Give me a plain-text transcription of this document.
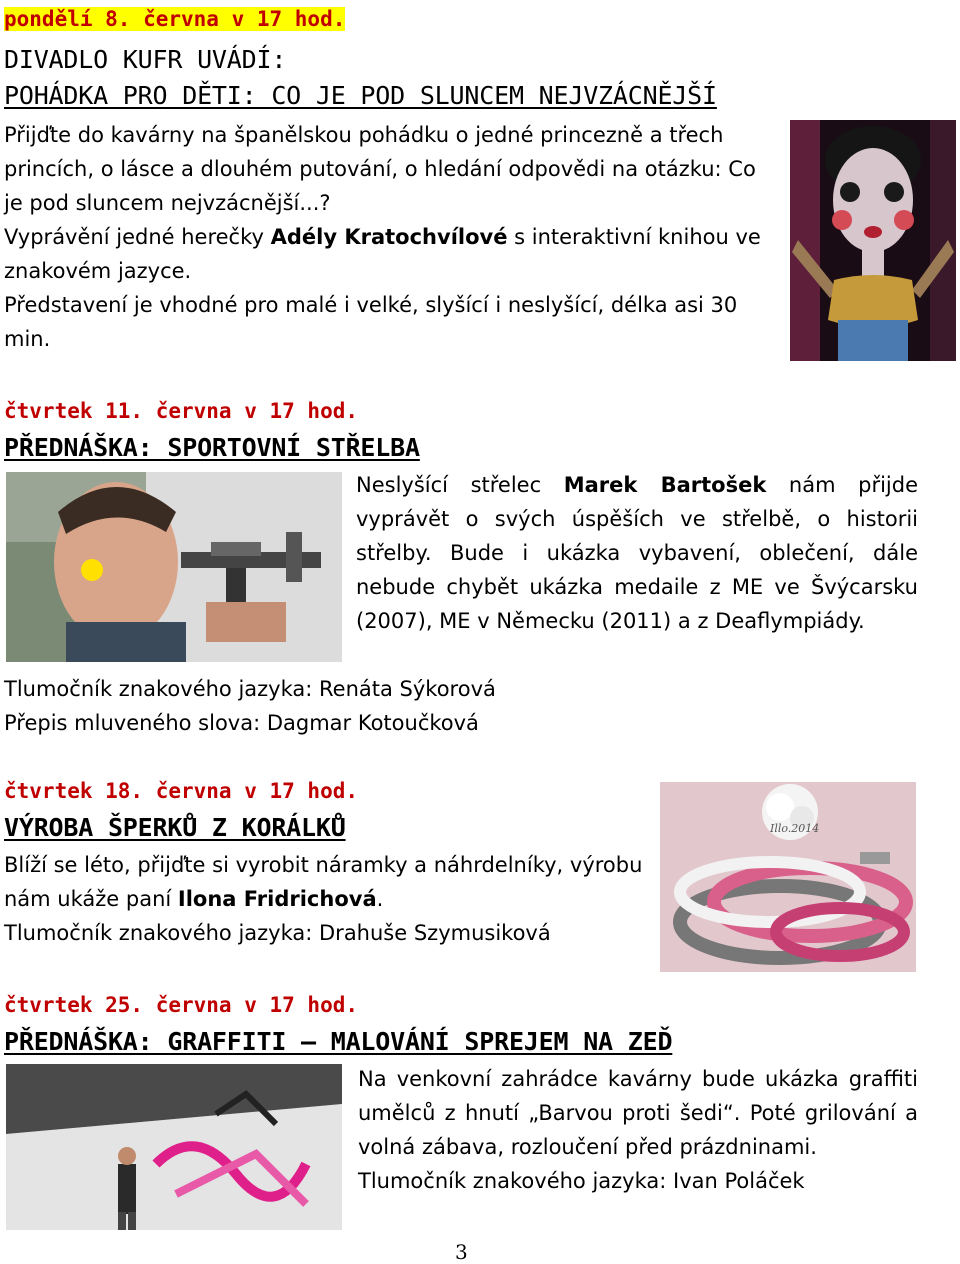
pondělí 8. června v 17 hod.
DIVADLO KUFR UVÁDÍ:
POHÁDKA PRO DĚTI: CO JE POD SLUNCEM NEJVZÁCNĚJŠÍ

Přijďte do kavárny na španělskou pohádku o jedné princezně a třech princích, o lásce a dlouhém putování, o hledání odpovědi na otázku: Co je pod sluncem nejvzácnější...?

Vyprávění jedné herečky Adély Kratochvílové s interaktivní knihou ve znakovém jazyce.

Představení je vhodné pro malé i velké, slyšící i neslyšící, délka asi 30 min.

čtvrtek 11. června v 17 hod.
PŘEDNÁŠKA: SPORTOVNÍ STŘELBA

Neslyšící střelec Marek Bartošek nám přijde vyprávět o svých úspěších ve střelbě, o historii střelby. Bude i ukázka vybavení, oblečení, dále nebude chybět ukázka medaile z ME ve Švýcarsku (2007), ME v Německu (2011) a z Deaflympiády.

Tlumočník znakového jazyka: Renáta Sýkorová
Přepis mluveného slova: Dagmar Kotoučková
čtvrtek 18. června v 17 hod.
VÝROBA ŠPERKŮ Z KORÁLKŮ

Blíží se léto, přijďte si vyrobit náramky a náhrdelníky, výrobu nám ukáže paní Ilona Fridrichová.

Tlumočník znakového jazyka: Drahuše Szymusiková

Illo.2014
čtvrtek 25. června v 17 hod.
PŘEDNÁŠKA: GRAFFITI – MALOVÁNÍ SPREJEM NA ZEĎ

Na venkovní zahrádce kavárny bude ukázka graffiti umělců z hnutí „Barvou proti šedi“. Poté grilování a volná zábava, rozloučení před prázdninami.

Tlumočník znakového jazyka: Ivan Poláček

3
